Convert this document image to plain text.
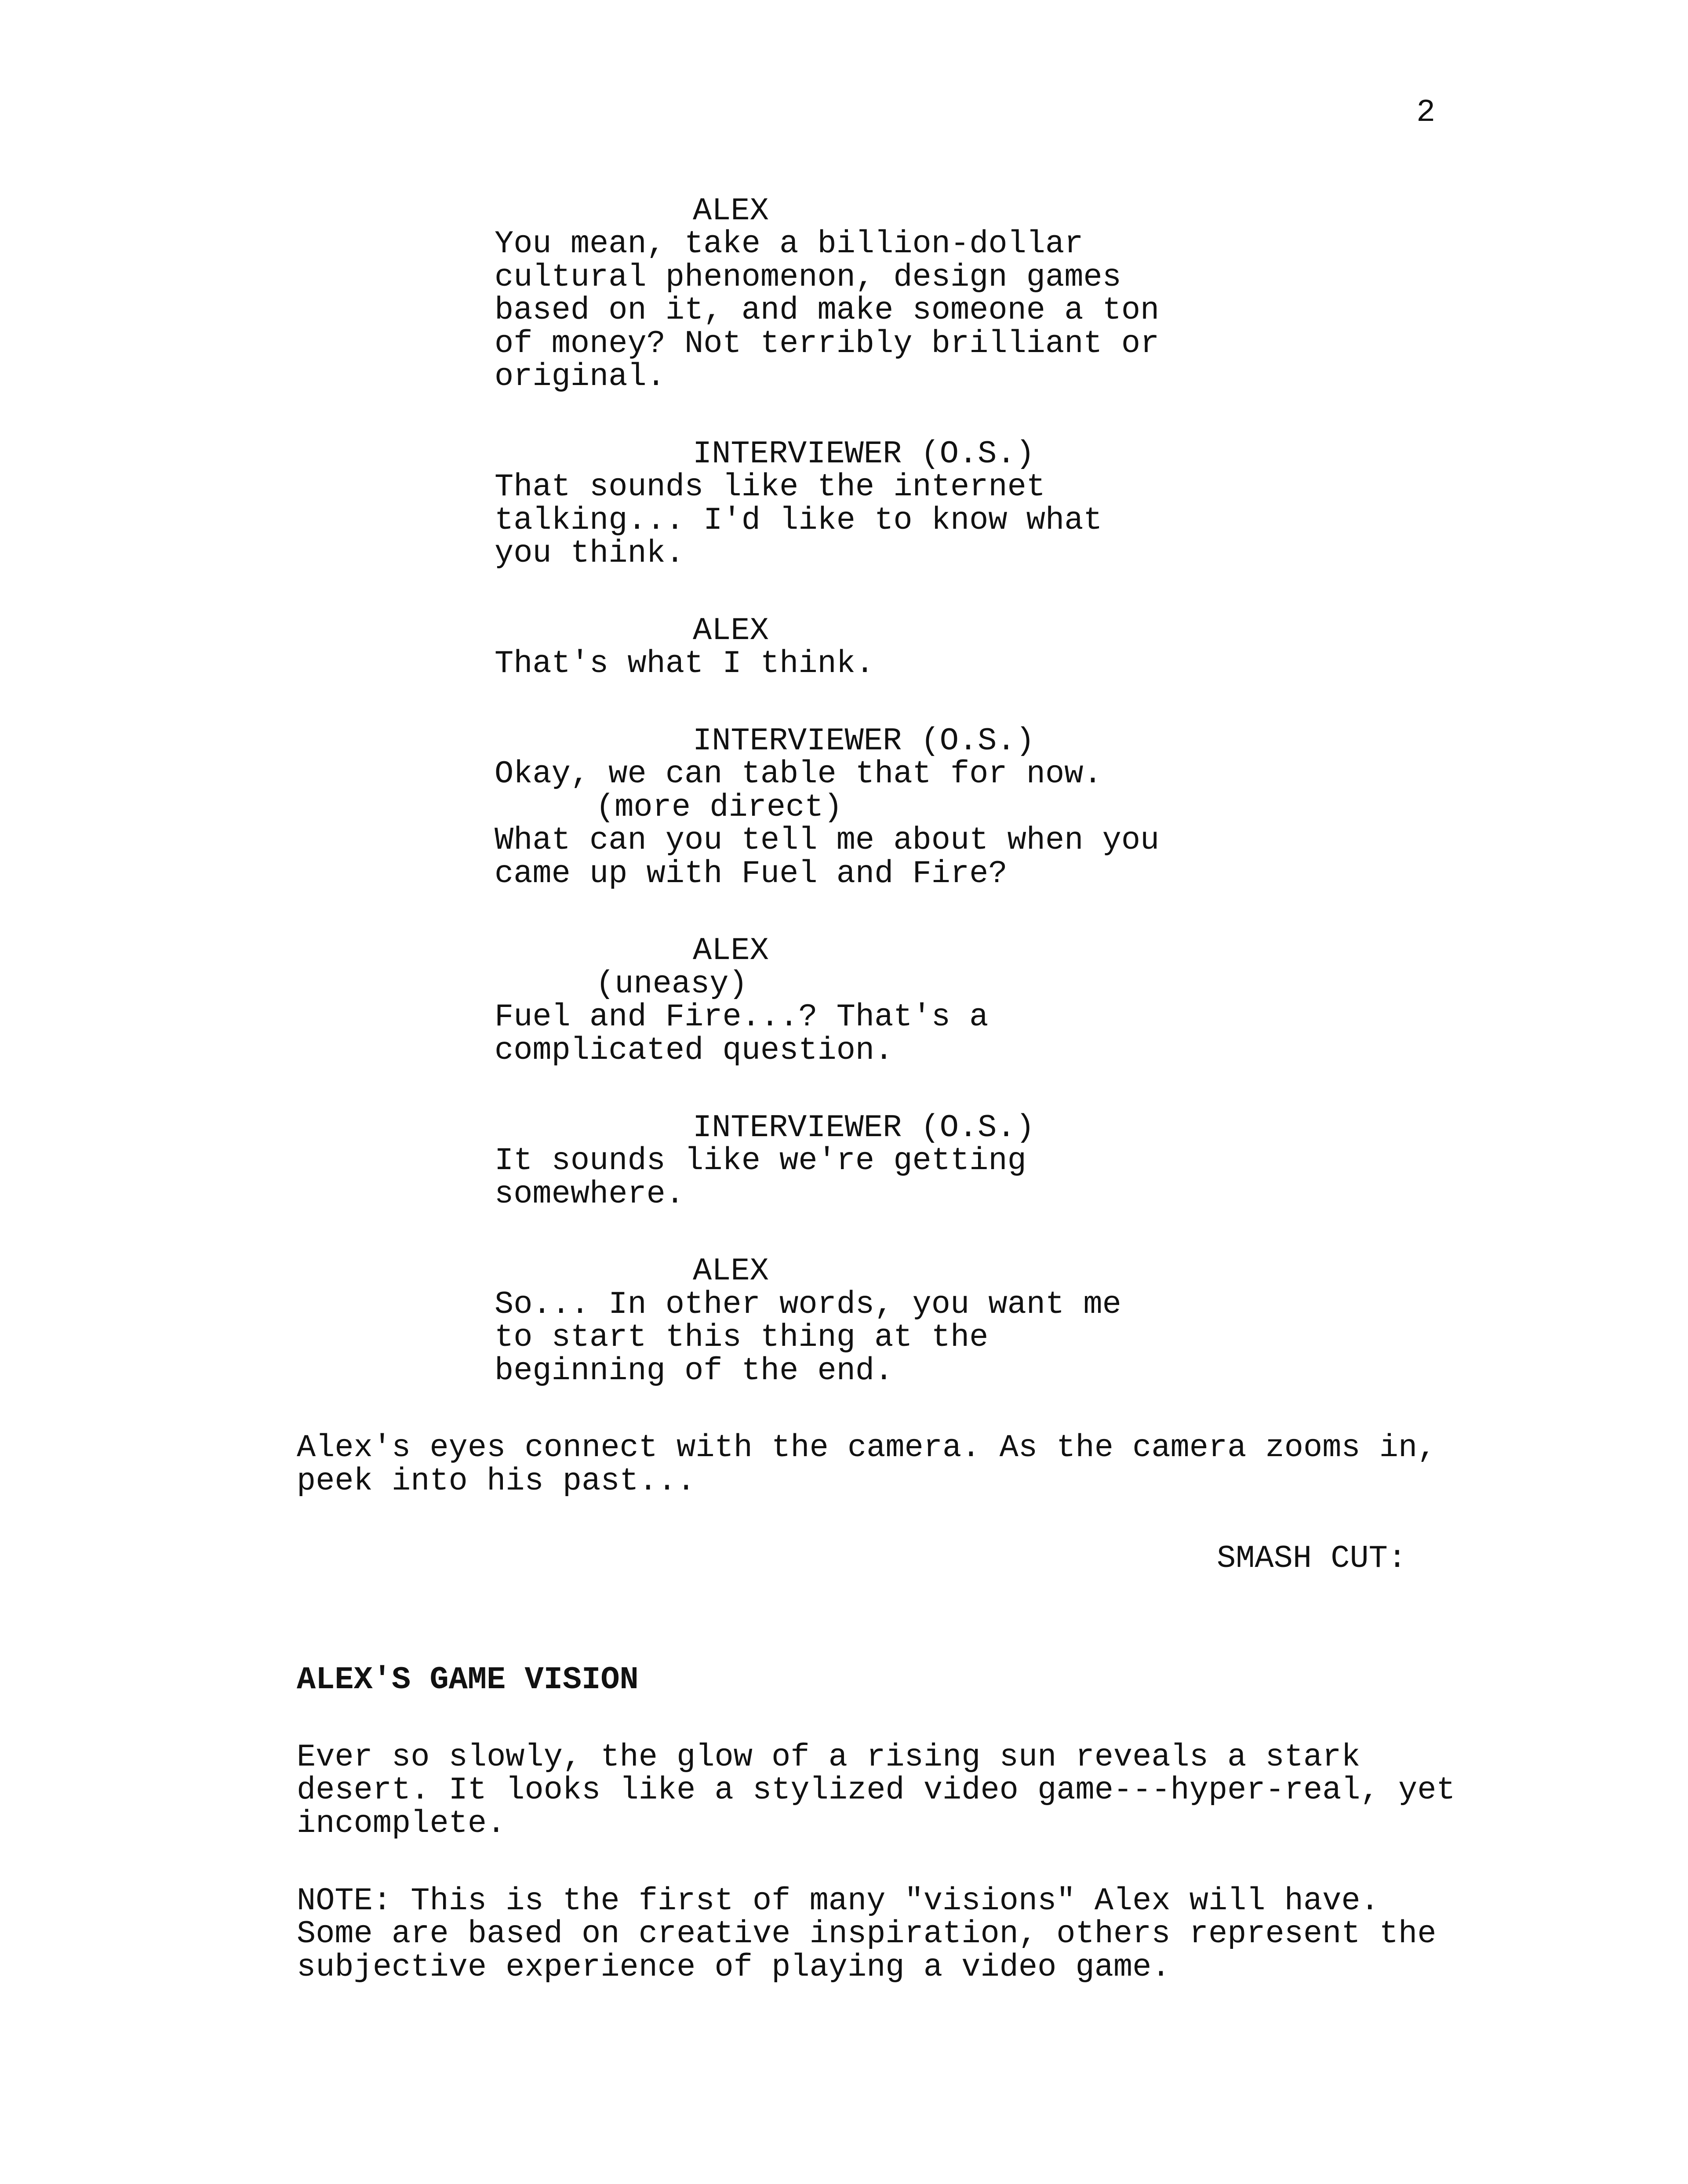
2
ALEX
You mean, take a billion-dollar
cultural phenomenon, design games
based on it, and make someone a ton
of money? Not terribly brilliant or
original.
INTERVIEWER (O.S.)
That sounds like the internet
talking... I'd like to know what
you think.
ALEX
That's what I think.
INTERVIEWER (O.S.)
Okay, we can table that for now.
(more direct)
What can you tell me about when you
came up with Fuel and Fire?
ALEX
(uneasy)
Fuel and Fire...? That's a
complicated question.
INTERVIEWER (O.S.)
It sounds like we're getting
somewhere.
ALEX
So... In other words, you want me
to start this thing at the
beginning of the end.
Alex's eyes connect with the camera. As the camera zooms in,
peek into his past...
SMASH CUT:
ALEX'S GAME VISION
Ever so slowly, the glow of a rising sun reveals a stark
desert. It looks like a stylized video game---hyper-real, yet
incomplete.
NOTE: This is the first of many "visions" Alex will have.
Some are based on creative inspiration, others represent the
subjective experience of playing a video game.
